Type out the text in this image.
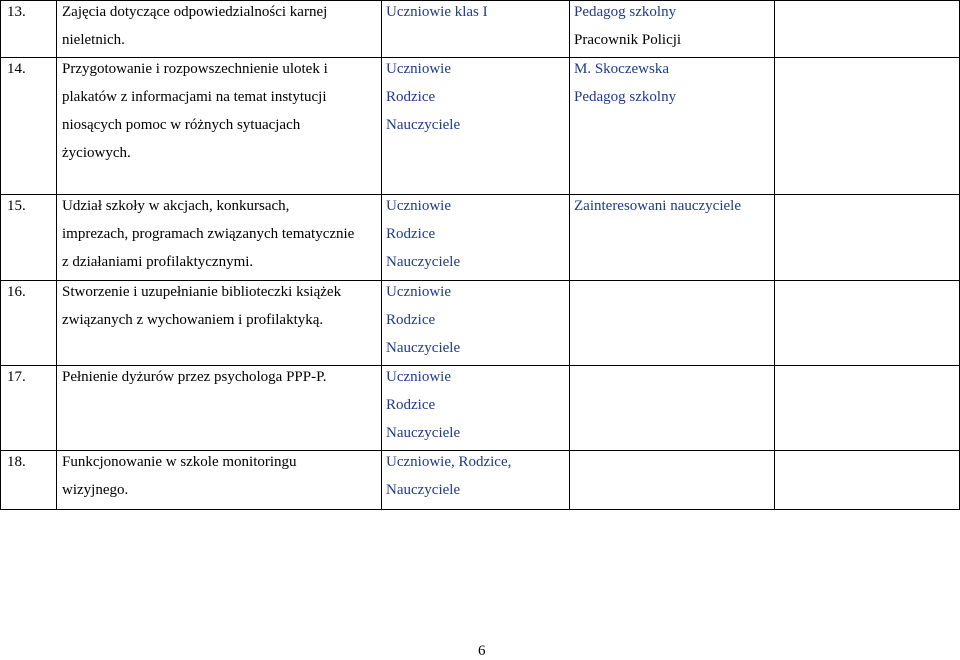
13.	Zajęcia dotyczące odpowiedzialności karnej
nieletnich.	Uczniowie klas I	Pedagog szkolny
Pracownik Policji	

14.	Przygotowanie i rozpowszechnienie ulotek i
plakatów z informacjami na temat instytucji
niosących pomoc w różnych sytuacjach
życiowych.	Uczniowie
Rodzice
Nauczyciele	M. Skoczewska
Pedagog szkolny	

15.	Udział szkoły w akcjach, konkursach,
imprezach, programach związanych tematycznie
z działaniami profilaktycznymi.	Uczniowie
Rodzice
Nauczyciele	Zainteresowani nauczyciele	

16.	Stworzenie i uzupełnianie biblioteczki książek
związanych z wychowaniem i profilaktyką.	Uczniowie
Rodzice
Nauczyciele		

17.	Pełnienie dyżurów przez psychologa PPP-P.	Uczniowie
Rodzice
Nauczyciele		

18.	Funkcjonowanie w szkole monitoringu
wizyjnego.	Uczniowie, Rodzice,
Nauczyciele		

6
